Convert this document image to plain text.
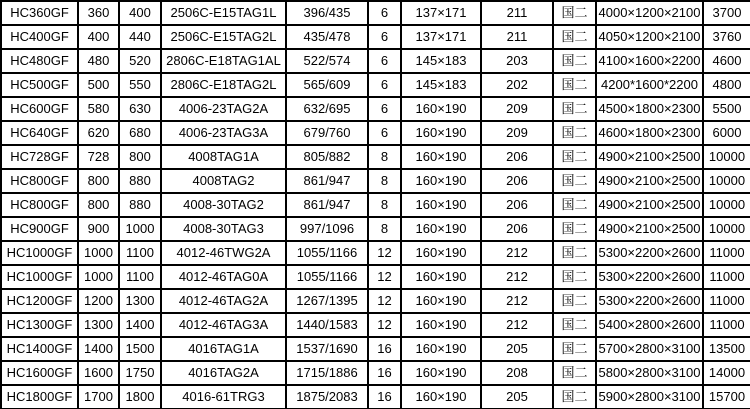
HC360GF	360	400	2506C-E15TAG1L	396/435	6	137×171	211	国二	4000×1200×2100	3700
HC400GF	400	440	2506C-E15TAG2L	435/478	6	137×171	211	国二	4050×1200×2100	3760
HC480GF	480	520	2806C-E18TAG1AL	522/574	6	145×183	203	国二	4100×1600×2200	4600
HC500GF	500	550	2806C-E18TAG2L	565/609	6	145×183	202	国二	4200*1600*2200	4800
HC600GF	580	630	4006-23TAG2A	632/695	6	160×190	209	国二	4500×1800×2300	5500
HC640GF	620	680	4006-23TAG3A	679/760	6	160×190	209	国二	4600×1800×2300	6000
HC728GF	728	800	4008TAG1A	805/882	8	160×190	206	国二	4900×2100×2500	10000
HC800GF	800	880	4008TAG2	861/947	8	160×190	206	国二	4900×2100×2500	10000
HC800GF	800	880	4008-30TAG2	861/947	8	160×190	206	国二	4900×2100×2500	10000
HC900GF	900	1000	4008-30TAG3	997/1096	8	160×190	206	国二	4900×2100×2500	10000
HC1000GF	1000	1100	4012-46TWG2A	1055/1166	12	160×190	212	国二	5300×2200×2600	11000
HC1000GF	1000	1100	4012-46TAG0A	1055/1166	12	160×190	212	国二	5300×2200×2600	11000
HC1200GF	1200	1300	4012-46TAG2A	1267/1395	12	160×190	212	国二	5300×2200×2600	11000
HC1300GF	1300	1400	4012-46TAG3A	1440/1583	12	160×190	212	国二	5400×2800×2600	11000
HC1400GF	1400	1500	4016TAG1A	1537/1690	16	160×190	205	国二	5700×2800×3100	13500
HC1600GF	1600	1750	4016TAG2A	1715/1886	16	160×190	208	国二	5800×2800×3100	14000
HC1800GF	1700	1800	4016-61TRG3	1875/2083	16	160×190	205	国二	5900×2800×3100	15700
